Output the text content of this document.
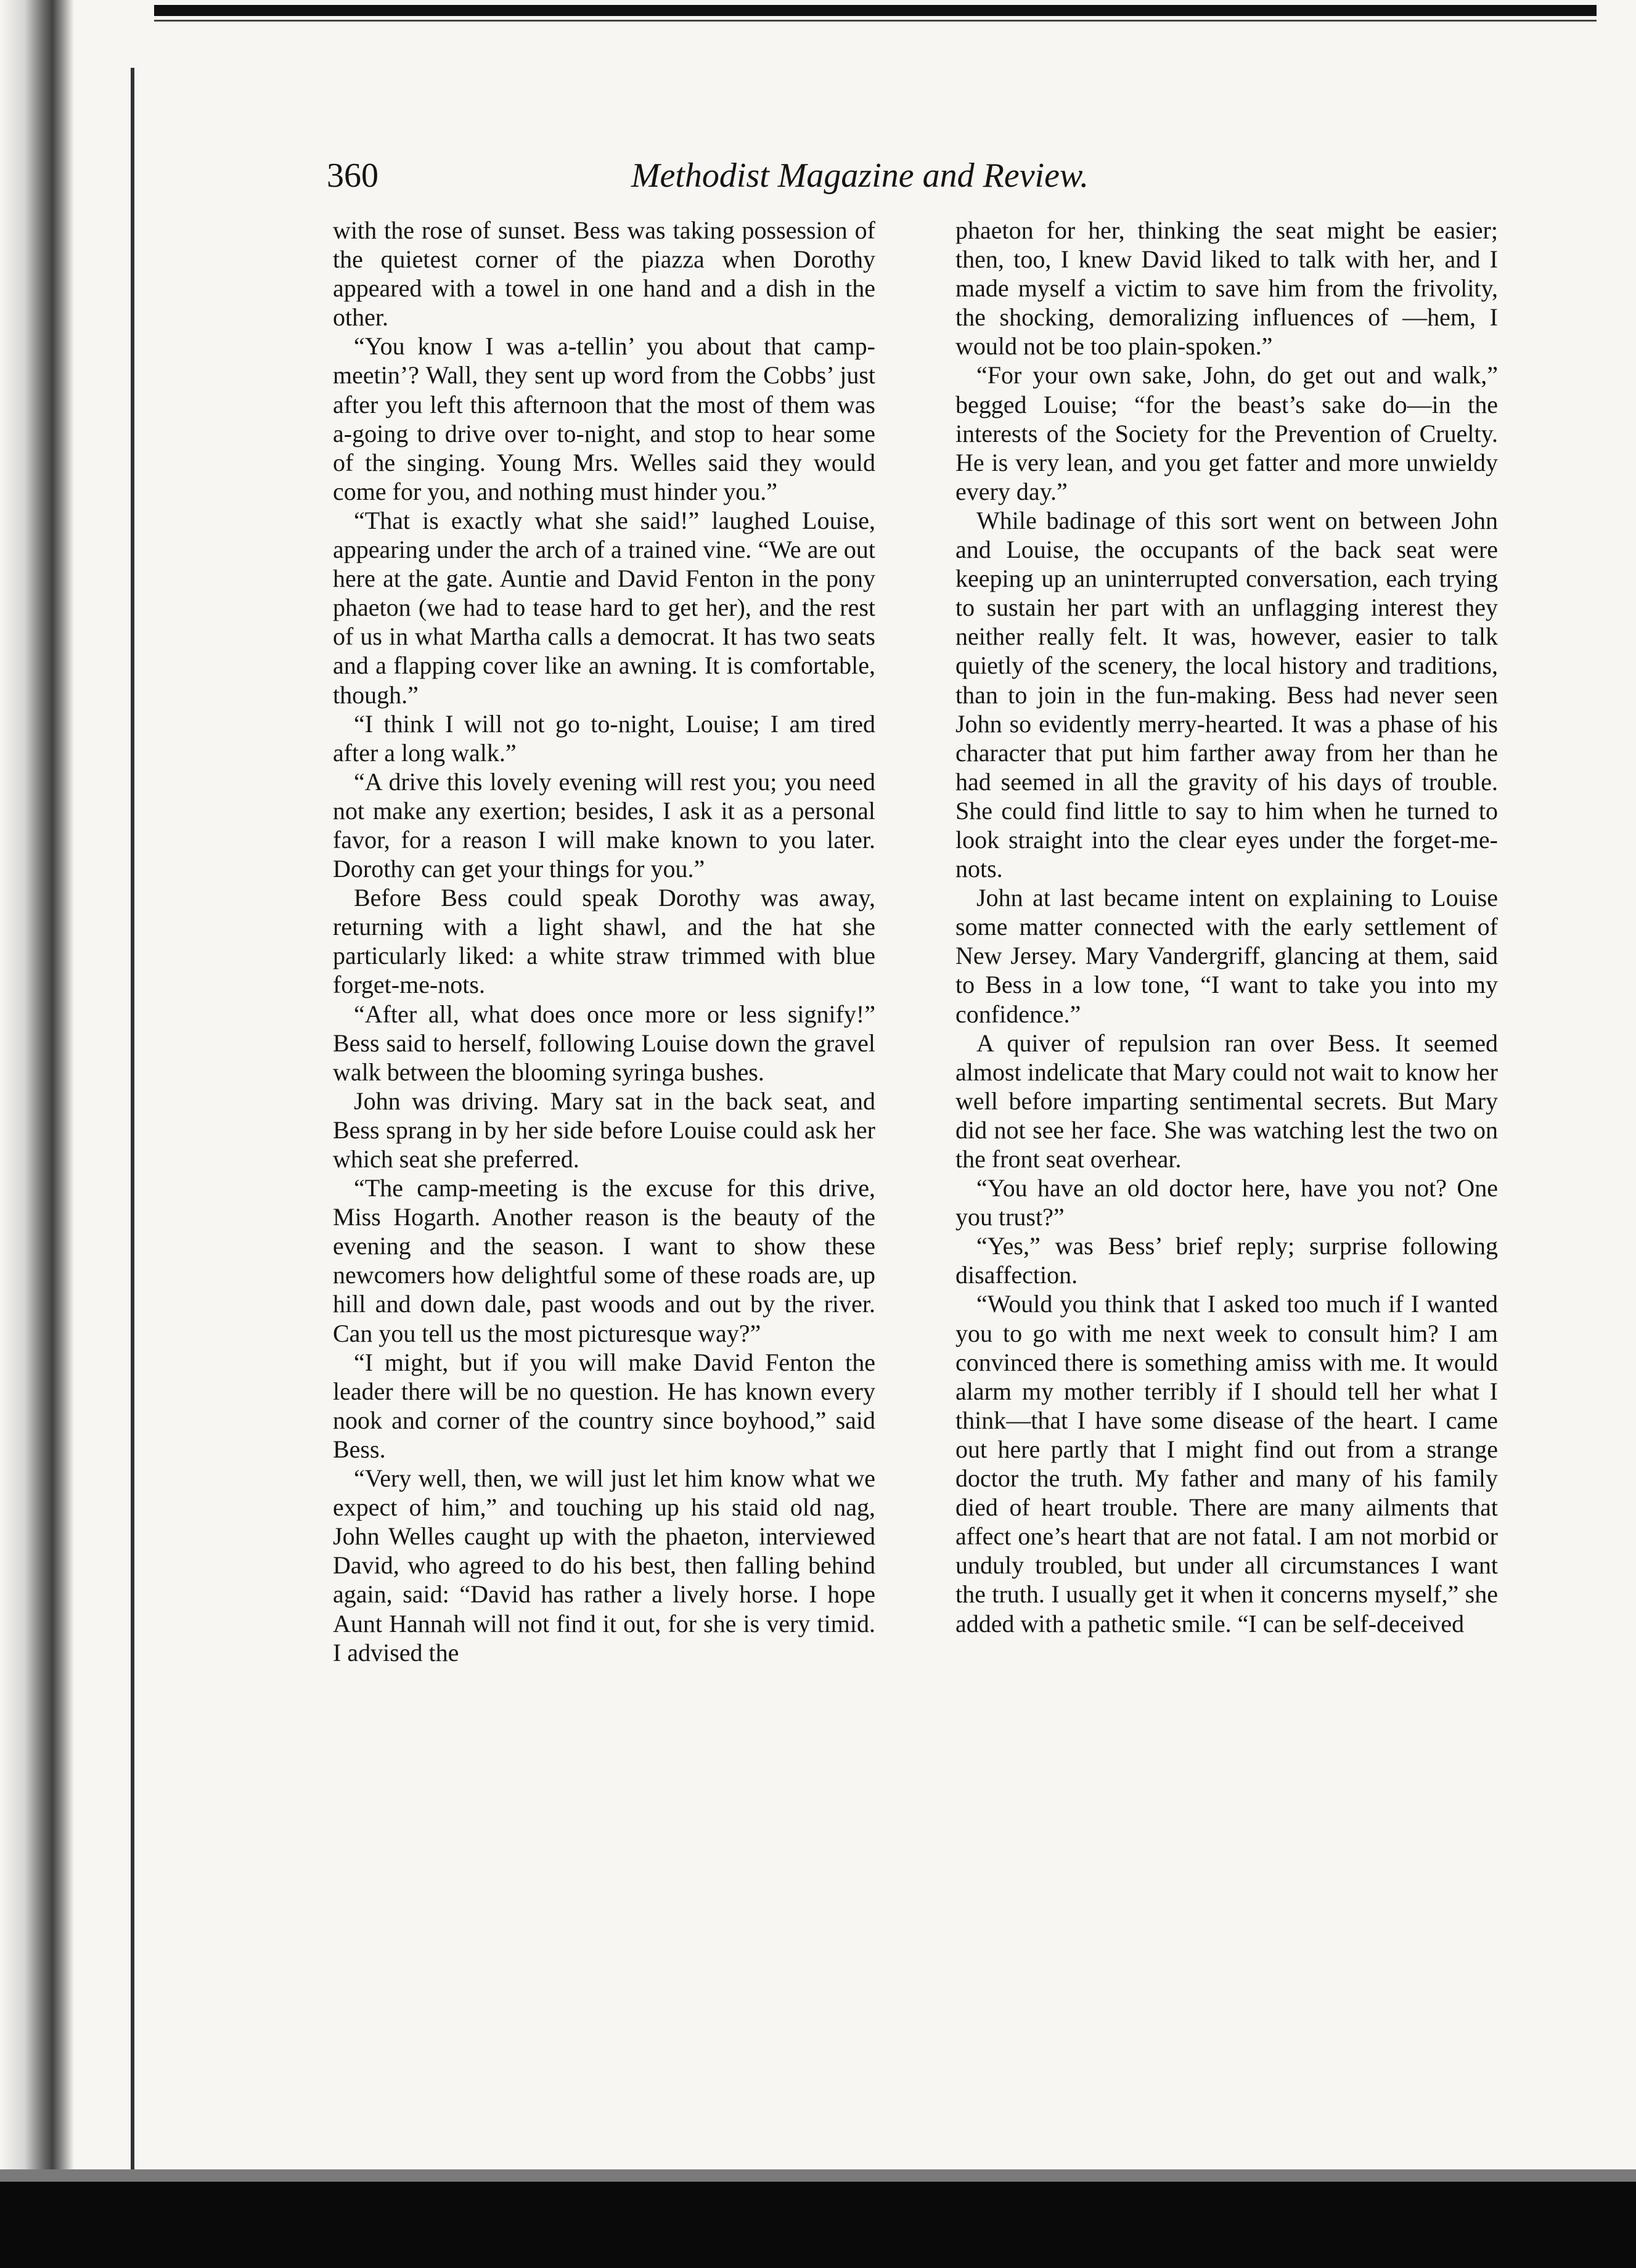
360	Methodist Magazine and Review.

with the rose of sunset. Bess was taking possession of the quietest corner of the piazza when Dorothy appeared with a towel in one hand and a dish in the other.

“You know I was a-tellin’ you about that camp-meetin’? Wall, they sent up word from the Cobbs’ just after you left this afternoon that the most of them was a-going to drive over to-night, and stop to hear some of the singing. Young Mrs. Welles said they would come for you, and nothing must hinder you.”

“That is exactly what she said!” laughed Louise, appearing under the arch of a trained vine. “We are out here at the gate. Auntie and David Fenton in the pony phaeton (we had to tease hard to get her), and the rest of us in what Martha calls a democrat. It has two seats and a flapping cover like an awning. It is comfortable, though.”

“I think I will not go to-night, Louise; I am tired after a long walk.”

“A drive this lovely evening will rest you; you need not make any exertion; besides, I ask it as a personal favor, for a reason I will make known to you later. Dorothy can get your things for you.”

Before Bess could speak Dorothy was away, returning with a light shawl, and the hat she particularly liked: a white straw trimmed with blue forget-me-nots.

“After all, what does once more or less signify!” Bess said to herself, following Louise down the gravel walk between the blooming syringa bushes.

John was driving. Mary sat in the back seat, and Bess sprang in by her side before Louise could ask her which seat she preferred.

“The camp-meeting is the excuse for this drive, Miss Hogarth. Another reason is the beauty of the evening and the season. I want to show these newcomers how delightful some of these roads are, up hill and down dale, past woods and out by the river. Can you tell us the most picturesque way?”

“I might, but if you will make David Fenton the leader there will be no question. He has known every nook and corner of the country since boyhood,” said Bess.

“Very well, then, we will just let him know what we expect of him,” and touching up his staid old nag, John Welles caught up with the phaeton, interviewed David, who agreed to do his best, then falling behind again, said: “David has rather a lively horse. I hope Aunt Hannah will not find it out, for she is very timid. I advised the

phaeton for her, thinking the seat might be easier; then, too, I knew David liked to talk with her, and I made myself a victim to save him from the frivolity, the shocking, demoralizing influences of —hem, I would not be too plain-spoken.”

“For your own sake, John, do get out and walk,” begged Louise; “for the beast’s sake do—in the interests of the Society for the Prevention of Cruelty. He is very lean, and you get fatter and more unwieldy every day.”

While badinage of this sort went on between John and Louise, the occupants of the back seat were keeping up an uninterrupted conversation, each trying to sustain her part with an unflagging interest they neither really felt. It was, however, easier to talk quietly of the scenery, the local history and traditions, than to join in the fun-making. Bess had never seen John so evidently merry-hearted. It was a phase of his character that put him farther away from her than he had seemed in all the gravity of his days of trouble. She could find little to say to him when he turned to look straight into the clear eyes under the forget-me-nots.

John at last became intent on explaining to Louise some matter connected with the early settlement of New Jersey. Mary Vandergriff, glancing at them, said to Bess in a low tone, “I want to take you into my confidence.”

A quiver of repulsion ran over Bess. It seemed almost indelicate that Mary could not wait to know her well before imparting sentimental secrets. But Mary did not see her face. She was watching lest the two on the front seat overhear.

“You have an old doctor here, have you not? One you trust?”

“Yes,” was Bess’ brief reply; surprise following disaffection.

“Would you think that I asked too much if I wanted you to go with me next week to consult him? I am convinced there is something amiss with me. It would alarm my mother terribly if I should tell her what I think—that I have some disease of the heart. I came out here partly that I might find out from a strange doctor the truth. My father and many of his family died of heart trouble. There are many ailments that affect one’s heart that are not fatal. I am not morbid or unduly troubled, but under all circumstances I want the truth. I usually get it when it concerns myself,” she added with a pathetic smile. “I can be self-deceived
